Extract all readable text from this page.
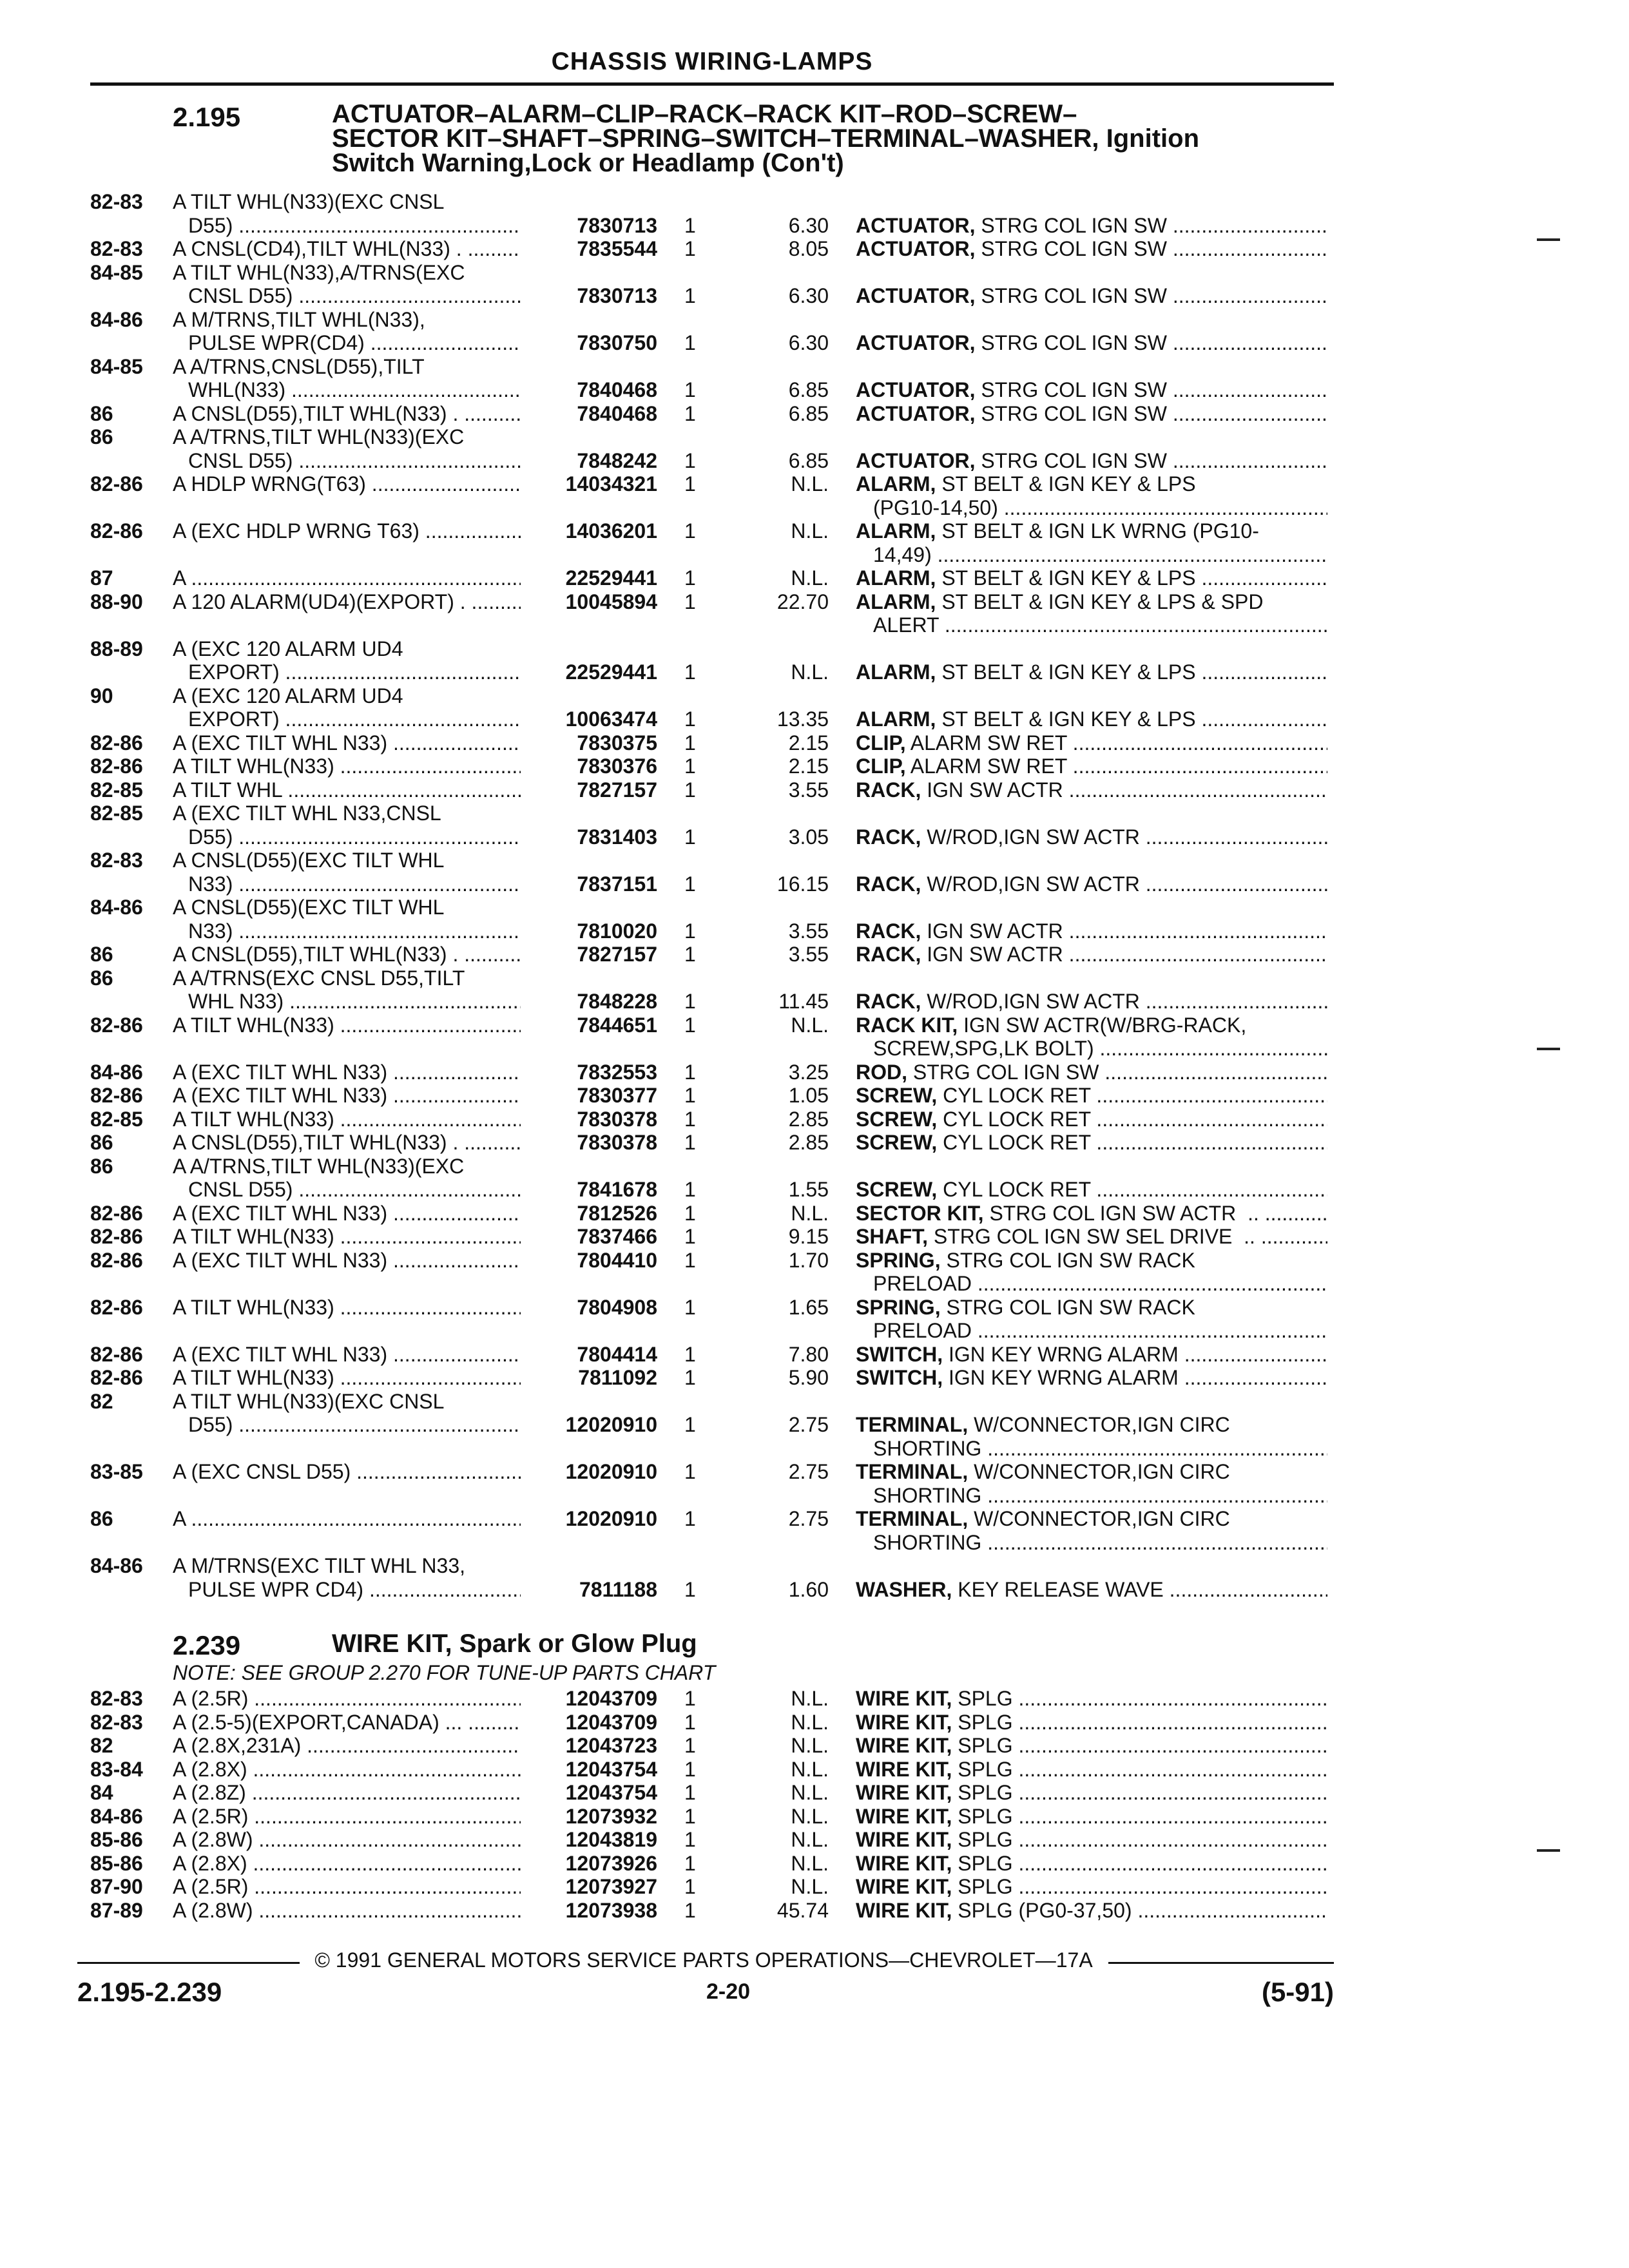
CHASSIS WIRING-LAMPS
2.195	ACTUATOR–ALARM–CLIP–RACK–RACK KIT–ROD–SCREW–
SECTOR KIT–SHAFT–SPRING–SWITCH–TERMINAL–WASHER, Ignition
Switch Warning,Lock or Headlamp (Con't)
82-83 A TILT WHL(N33)(EXC CNSL
D55) .....	7830713 1	6.30 ACTUATOR, STRG COL IGN SW .....
82-83 A CNSL(CD4),TILT WHL(N33) . .....	7835544 1	8.05 ACTUATOR, STRG COL IGN SW .....
84-85 A TILT WHL(N33),A/TRNS(EXC
CNSL D55) .....	7830713 1	6.30 ACTUATOR, STRG COL IGN SW .....
84-86 A M/TRNS,TILT WHL(N33),
PULSE WPR(CD4) .....	7830750 1	6.30 ACTUATOR, STRG COL IGN SW .....
84-85 A A/TRNS,CNSL(D55),TILT
WHL(N33) .....	7840468 1	6.85 ACTUATOR, STRG COL IGN SW .....
86	A CNSL(D55),TILT WHL(N33) . .....	7840468 1	6.85 ACTUATOR, STRG COL IGN SW .....
86	A A/TRNS,TILT WHL(N33)(EXC
CNSL D55) .....	7848242 1	6.85 ACTUATOR, STRG COL IGN SW .....
82-86 A HDLP WRNG(T63) .....	14034321 1	N.L. ALARM, ST BELT & IGN KEY & LPS
(PG10-14,50) .....
82-86 A (EXC HDLP WRNG T63) .....	14036201 1	N.L. ALARM, ST BELT & IGN LK WRNG (PG10-
14,49) .....
87	A .....	22529441 1	N.L. ALARM, ST BELT & IGN KEY & LPS .....
88-90 A 120 ALARM(UD4)(EXPORT) . .....	10045894 1	22.70 ALARM, ST BELT & IGN KEY & LPS & SPD
ALERT .....
88-89 A (EXC 120 ALARM UD4
EXPORT) .....	22529441 1	N.L. ALARM, ST BELT & IGN KEY & LPS .....
90	A (EXC 120 ALARM UD4
EXPORT) .....	10063474 1	13.35 ALARM, ST BELT & IGN KEY & LPS .....
82-86 A (EXC TILT WHL N33) .....	7830375 1	2.15 CLIP, ALARM SW RET .....
82-86 A TILT WHL(N33) .....	7830376 1	2.15 CLIP, ALARM SW RET .....
82-85 A TILT WHL .....	7827157 1	3.55 RACK, IGN SW ACTR .....
82-85 A (EXC TILT WHL N33,CNSL
D55) .....	7831403 1	3.05 RACK, W/ROD,IGN SW ACTR .....
82-83 A CNSL(D55)(EXC TILT WHL
N33) .....	7837151 1	16.15 RACK, W/ROD,IGN SW ACTR .....
84-86 A CNSL(D55)(EXC TILT WHL
N33) .....	7810020 1	3.55 RACK, IGN SW ACTR .....
86	A CNSL(D55),TILT WHL(N33) . .....	7827157 1	3.55 RACK, IGN SW ACTR .....
86	A A/TRNS(EXC CNSL D55,TILT
WHL N33) .....	7848228 1	11.45 RACK, W/ROD,IGN SW ACTR .....
82-86 A TILT WHL(N33) .....	7844651 1	N.L. RACK KIT, IGN SW ACTR(W/BRG-RACK,
SCREW,SPG,LK BOLT) .....
84-86 A (EXC TILT WHL N33) .....	7832553 1	3.25 ROD, STRG COL IGN SW .....
82-86 A (EXC TILT WHL N33) .....	7830377 1	1.05 SCREW, CYL LOCK RET .....
82-85 A TILT WHL(N33) .....	7830378 1	2.85 SCREW, CYL LOCK RET .....
86	A CNSL(D55),TILT WHL(N33) . .....	7830378 1	2.85 SCREW, CYL LOCK RET .....
86	A A/TRNS,TILT WHL(N33)(EXC
CNSL D55) .....	7841678 1	1.55 SCREW, CYL LOCK RET .....
82-86 A (EXC TILT WHL N33) .....	7812526 1	N.L. SECTOR KIT, STRG COL IGN SW ACTR  .. .....
82-86 A TILT WHL(N33) .....	7837466 1	9.15 SHAFT, STRG COL IGN SW SEL DRIVE  .. .....
82-86 A (EXC TILT WHL N33) .....	7804410 1	1.70 SPRING, STRG COL IGN SW RACK
PRELOAD .....
82-86 A TILT WHL(N33) .....	7804908 1	1.65 SPRING, STRG COL IGN SW RACK
PRELOAD .....
82-86 A (EXC TILT WHL N33) .....	7804414 1	7.80 SWITCH, IGN KEY WRNG ALARM .....
82-86 A TILT WHL(N33) .....	7811092 1	5.90 SWITCH, IGN KEY WRNG ALARM .....
82	A TILT WHL(N33)(EXC CNSL
D55) .....	12020910 1	2.75 TERMINAL, W/CONNECTOR,IGN CIRC
SHORTING .....
83-85 A (EXC CNSL D55) .....	12020910 1	2.75 TERMINAL, W/CONNECTOR,IGN CIRC
SHORTING .....
86	A .....	12020910 1	2.75 TERMINAL, W/CONNECTOR,IGN CIRC
SHORTING .....
84-86 A M/TRNS(EXC TILT WHL N33,
PULSE WPR CD4) .....	7811188 1	1.60 WASHER, KEY RELEASE WAVE .....
2.239	WIRE KIT, Spark or Glow Plug
NOTE: SEE GROUP 2.270 FOR TUNE-UP PARTS CHART
82-83 A (2.5R) .....	12043709 1	N.L. WIRE KIT, SPLG .....
82-83 A (2.5-5)(EXPORT,CANADA) ... .....	12043709 1	N.L. WIRE KIT, SPLG .....
82	A (2.8X,231A) .....	12043723 1	N.L. WIRE KIT, SPLG .....
83-84 A (2.8X) .....	12043754 1	N.L. WIRE KIT, SPLG .....
84	A (2.8Z) .....	12043754 1	N.L. WIRE KIT, SPLG .....
84-86 A (2.5R) .....	12073932 1	N.L. WIRE KIT, SPLG .....
85-86 A (2.8W) .....	12043819 1	N.L. WIRE KIT, SPLG .....
85-86 A (2.8X) .....	12073926 1	N.L. WIRE KIT, SPLG .....
87-90 A (2.5R) .....	12073927 1	N.L. WIRE KIT, SPLG .....
87-89 A (2.8W) .....	12073938 1	45.74 WIRE KIT, SPLG (PG0-37,50) .....
© 1991 GENERAL MOTORS SERVICE PARTS OPERATIONS—CHEVROLET—17A
2.195-2.239	2-20	(5-91)
